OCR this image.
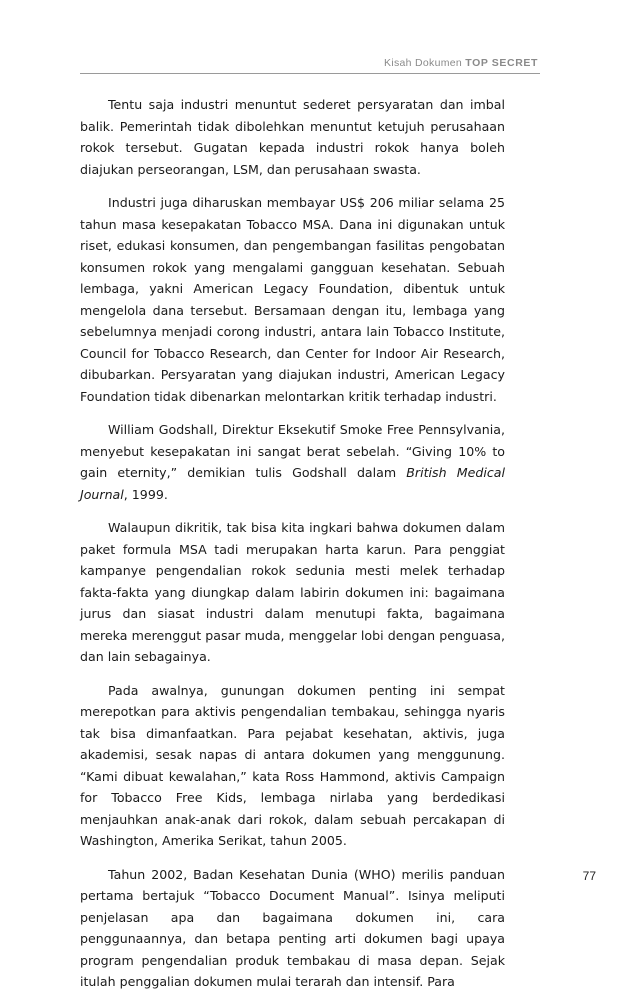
Kisah Dokumen TOP SECRET

Tentu saja industri menuntut sederet persyaratan dan imbal balik. Pemerintah tidak dibolehkan menuntut ketujuh perusahaan rokok tersebut. Gugatan kepada industri rokok hanya boleh diajukan perseorangan, LSM, dan perusahaan swasta.

Industri juga diharuskan membayar US$ 206 miliar selama 25 tahun masa kesepakatan Tobacco MSA. Dana ini digunakan untuk riset, edukasi konsumen, dan pengembangan fasilitas pengobatan konsumen rokok yang mengalami gangguan kesehatan. Sebuah lembaga, yakni American Legacy Foundation, dibentuk untuk mengelola dana tersebut. Bersamaan dengan itu, lembaga yang sebelumnya menjadi corong industri, antara lain Tobacco Institute, Council for Tobacco Research, dan Center for Indoor Air Research, dibubarkan. Persyaratan yang diajukan industri, American Legacy Foundation tidak dibenarkan melontarkan kritik terhadap industri.

William Godshall, Direktur Eksekutif Smoke Free Pennsylvania, menyebut kesepakatan ini sangat berat sebelah. “Giving 10% to gain eternity,” demikian tulis Godshall dalam British Medical Journal, 1999.

Walaupun dikritik, tak bisa kita ingkari bahwa dokumen dalam paket formula MSA tadi merupakan harta karun. Para penggiat kampanye pengendalian rokok sedunia mesti melek terhadap fakta-fakta yang diungkap dalam labirin dokumen ini: bagaimana jurus dan siasat industri dalam menutupi fakta, bagaimana mereka merenggut pasar muda, menggelar lobi dengan penguasa, dan lain sebagainya.

Pada awalnya, gunungan dokumen penting ini sempat merepotkan para aktivis pengendalian tembakau, sehingga nyaris tak bisa dimanfaatkan. Para pejabat kesehatan, aktivis, juga akademisi, sesak napas di antara dokumen yang menggunung. “Kami dibuat kewalahan,” kata Ross Hammond, aktivis Campaign for Tobacco Free Kids, lembaga nirlaba yang berdedikasi menjauhkan anak-anak dari rokok, dalam sebuah percakapan di Washington, Amerika Serikat, tahun 2005.

Tahun 2002, Badan Kesehatan Dunia (WHO) merilis panduan pertama bertajuk “Tobacco Document Manual”. Isinya meliputi penjelasan apa dan bagaimana dokumen ini, cara penggunaannya, dan betapa penting arti dokumen bagi upaya program pengendalian produk tembakau di masa depan. Sejak itulah penggalian dokumen mulai terarah dan intensif. Para

77
